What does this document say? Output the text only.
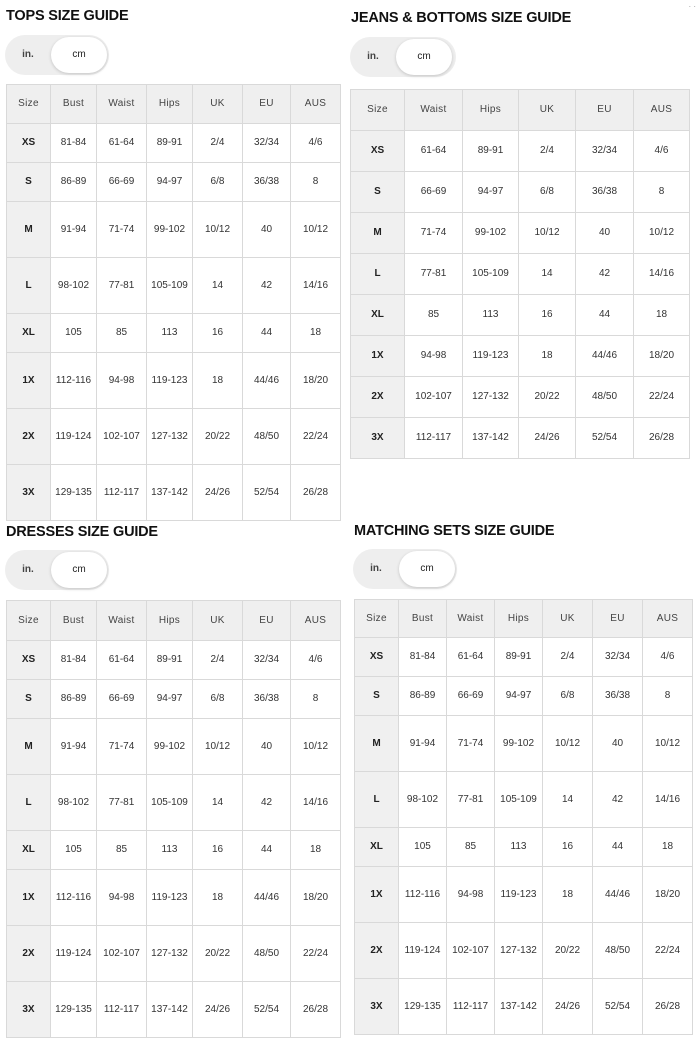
· ·
TOPS SIZE GUIDE
in.	cm
Size	Bust	Waist	Hips	UK	EU	AUS
XS	81-84	61-64	89-91	2/4	32/34	4/6
S	86-89	66-69	94-97	6/8	36/38	8
M	91-94	71-74	99-102	10/12	40	10/12
L	98-102	77-81	105-109	14	42	14/16
XL	105	85	113	16	44	18
1X	112-116	94-98	119-123	18	44/46	18/20
2X	119-124	102-107	127-132	20/22	48/50	22/24
3X	129-135	112-117	137-142	24/26	52/54	26/28
JEANS & BOTTOMS SIZE GUIDE
in.	cm
Size	Waist	Hips	UK	EU	AUS
XS	61-64	89-91	2/4	32/34	4/6
S	66-69	94-97	6/8	36/38	8
M	71-74	99-102	10/12	40	10/12
L	77-81	105-109	14	42	14/16
XL	85	113	16	44	18
1X	94-98	119-123	18	44/46	18/20
2X	102-107	127-132	20/22	48/50	22/24
3X	112-117	137-142	24/26	52/54	26/28
DRESSES SIZE GUIDE
in.	cm
Size	Bust	Waist	Hips	UK	EU	AUS
XS	81-84	61-64	89-91	2/4	32/34	4/6
S	86-89	66-69	94-97	6/8	36/38	8
M	91-94	71-74	99-102	10/12	40	10/12
L	98-102	77-81	105-109	14	42	14/16
XL	105	85	113	16	44	18
1X	112-116	94-98	119-123	18	44/46	18/20
2X	119-124	102-107	127-132	20/22	48/50	22/24
3X	129-135	112-117	137-142	24/26	52/54	26/28
MATCHING SETS SIZE GUIDE
in.	cm
Size	Bust	Waist	Hips	UK	EU	AUS
XS	81-84	61-64	89-91	2/4	32/34	4/6
S	86-89	66-69	94-97	6/8	36/38	8
M	91-94	71-74	99-102	10/12	40	10/12
L	98-102	77-81	105-109	14	42	14/16
XL	105	85	113	16	44	18
1X	112-116	94-98	119-123	18	44/46	18/20
2X	119-124	102-107	127-132	20/22	48/50	22/24
3X	129-135	112-117	137-142	24/26	52/54	26/28
